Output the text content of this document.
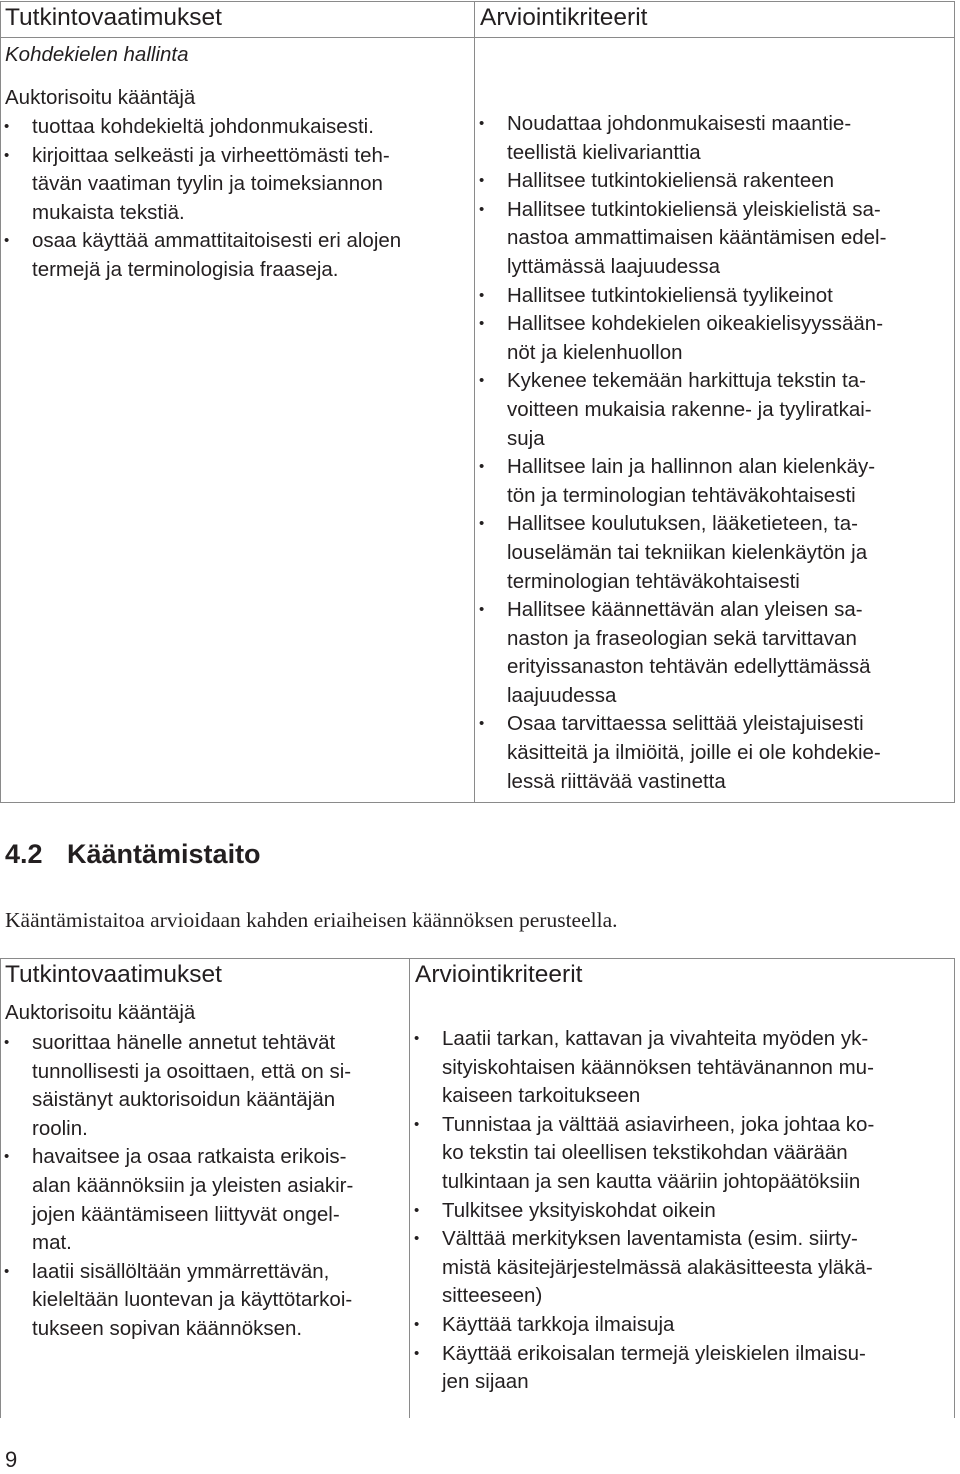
Tutkintovaatimukset	Arviointikriteerit
Kohdekielen hallinta
Auktorisoitu kääntäjä
• tuottaa kohdekieltä johdonmukaisesti.
• kirjoittaa selkeästi ja virheettömästi teh-
tävän vaatiman tyylin ja toimeksiannon
mukaista tekstiä.
• osaa käyttää ammattitaitoisesti eri alojen
termejä ja terminologisia fraaseja.
• Noudattaa johdonmukaisesti maantie-
teellistä kielivarianttia
• Hallitsee tutkintokieliensä rakenteen
• Hallitsee tutkintokieliensä yleiskielistä sa-
nastoa ammattimaisen kääntämisen edel-
lyttämässä laajuudessa
• Hallitsee tutkintokieliensä tyylikeinot
• Hallitsee kohdekielen oikeakielisyyssään-
nöt ja kielenhuollon
• Kykenee tekemään harkittuja tekstin ta-
voitteen mukaisia rakenne- ja tyyliratkai-
suja
• Hallitsee lain ja hallinnon alan kielenkäy-
tön ja terminologian tehtäväkohtaisesti
• Hallitsee koulutuksen, lääketieteen, ta-
louselämän tai tekniikan kielenkäytön ja
terminologian tehtäväkohtaisesti
• Hallitsee käännettävän alan yleisen sa-
naston ja fraseologian sekä tarvittavan
erityissanaston tehtävän edellyttämässä
laajuudessa
• Osaa tarvittaessa selittää yleistajuisesti
käsitteitä ja ilmiöitä, joille ei ole kohdekie-
lessä riittävää vastinetta
4.2 Kääntämistaito
Kääntämistaitoa arvioidaan kahden eriaiheisen käännöksen perusteella.
Tutkintovaatimukset	Arviointikriteerit
Auktorisoitu kääntäjä
• suorittaa hänelle annetut tehtävät
tunnollisesti ja osoittaen, että on si-
säistänyt auktorisoidun kääntäjän
roolin.
• havaitsee ja osaa ratkaista erikois-
alan käännöksiin ja yleisten asiakir-
jojen kääntämiseen liittyvät ongel-
mat.
• laatii sisällöltään ymmärrettävän,
kieleltään luontevan ja käyttötarkoi-
tukseen sopivan käännöksen.
• Laatii tarkan, kattavan ja vivahteita myöden yk-
sityiskohtaisen käännöksen tehtävänannon mu-
kaiseen tarkoitukseen
• Tunnistaa ja välttää asiavirheen, joka johtaa ko-
ko tekstin tai oleellisen tekstikohdan väärään
tulkintaan ja sen kautta vääriin johtopäätöksiin
• Tulkitsee yksityiskohdat oikein
• Välttää merkityksen laventamista (esim. siirty-
mistä käsitejärjestelmässä alakäsitteesta yläkä-
sitteeseen)
• Käyttää tarkkoja ilmaisuja
• Käyttää erikoisalan termejä yleiskielen ilmaisu-
jen sijaan
9
